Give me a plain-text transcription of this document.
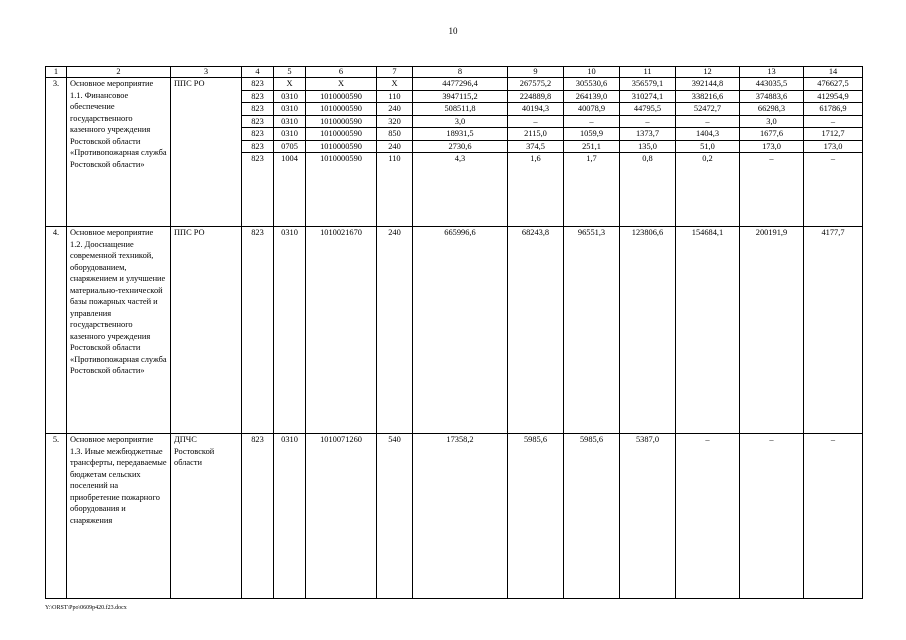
10
1	2	3	4	5	6	7	8	9	10	11	12	13	14
3.	Основное мероприятие 1.1. Финансовое обеспечение государственного казенного учреждения Ростовской области «Противопожарная служба Ростовской области»	ППС РО	823	Х	Х	Х	4477296,4	267575,2	305530,6	356579,1	392144,8	443035,5	476627,5
			823	0310	1010000590	110	3947115,2	224889,8	264139,0	310274,1	338216,6	374883,6	412954,9
			823	0310	1010000590	240	508511,8	40194,3	40078,9	44795,5	52472,7	66298,3	61786,9
			823	0310	1010000590	320	3,0	–	–	–	–	3,0	–
			823	0310	1010000590	850	18931,5	2115,0	1059,9	1373,7	1404,3	1677,6	1712,7
			823	0705	1010000590	240	2730,6	374,5	251,1	135,0	51,0	173,0	173,0
			823	1004	1010000590	110	4,3	1,6	1,7	0,8	0,2	–	–
4.	Основное мероприятие 1.2. Дооснащение современной техникой, оборудованием, снаряжением и улучшение материально-технической базы пожарных частей и управления государственного казенного учреждения Ростовской области «Противопожарная служба Ростовской области»	ППС РО	823	0310	1010021670	240	665996,6	68243,8	96551,3	123806,6	154684,1	200191,9	4177,7
5.	Основное мероприятие 1.3. Иные межбюджетные трансферты, передаваемые бюджетам сельских поселений на приобретение пожарного оборудования и снаряжения	ДПЧС Ростовской области	823	0310	1010071260	540	17358,2	5985,6	5985,6	5387,0	–	–	–
Y:\ORST\Ppo\0609p420.f23.docx
